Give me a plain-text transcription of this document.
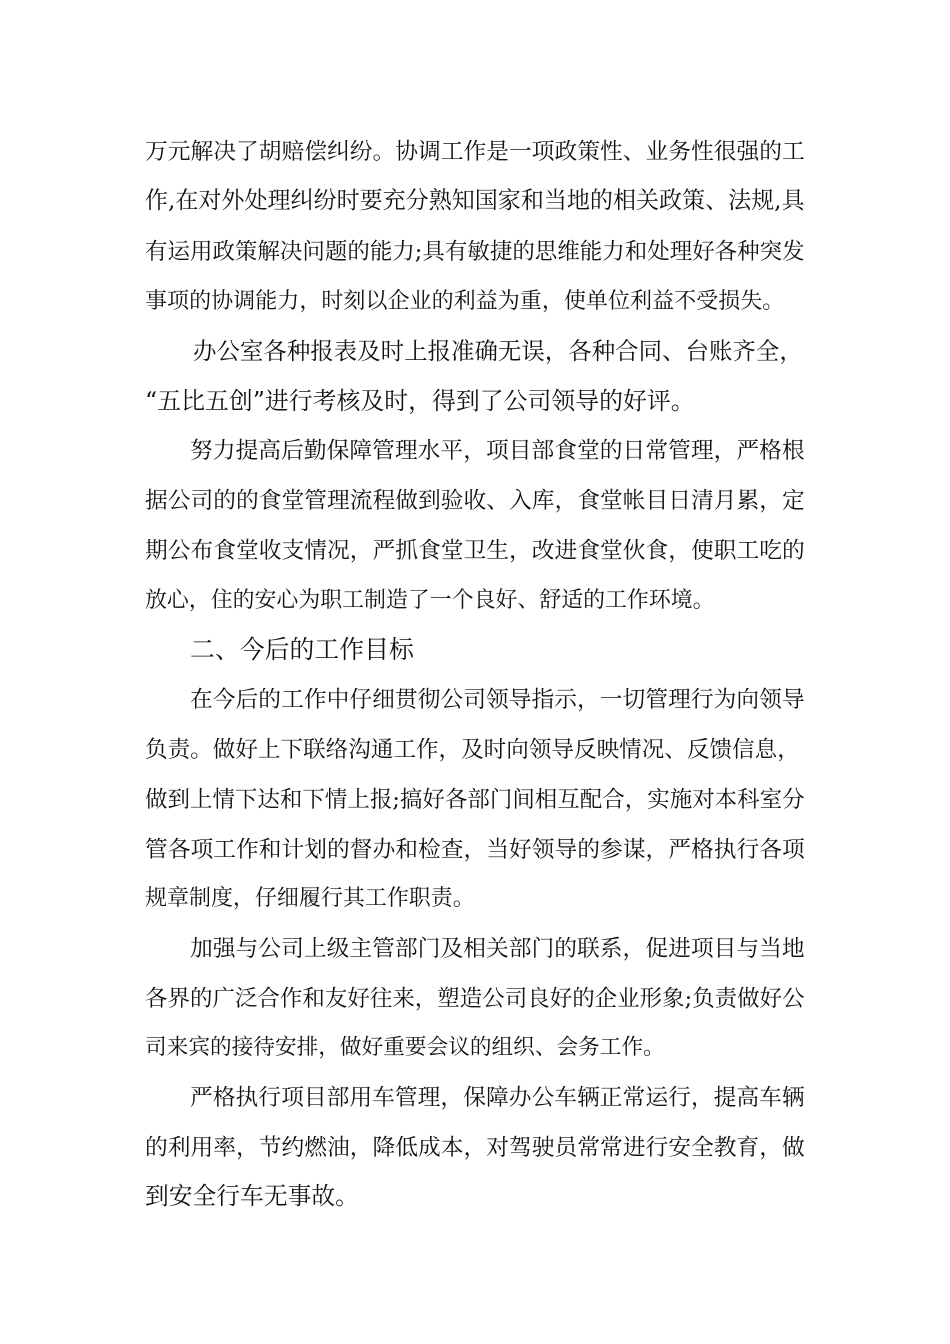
万元解决了胡赔偿纠纷。协调工作是一项政策性、业务性很强的工
作,在对外处理纠纷时要充分熟知国家和当地的相关政策、法规,具
有运用政策解决问题的能力;具有敏捷的思维能力和处理好各种突发
事项的协调能力，时刻以企业的利益为重，使单位利益不受损失。
办公室各种报表及时上报准确无误，各种合同、台账齐全，
“五比五创”进行考核及时，得到了公司领导的好评。
努力提高后勤保障管理水平，项目部食堂的日常管理，严格根
据公司的的食堂管理流程做到验收、入库，食堂帐目日清月累，定
期公布食堂收支情况，严抓食堂卫生，改进食堂伙食，使职工吃的
放心，住的安心为职工制造了一个良好、舒适的工作环境。
二、今后的工作目标
在今后的工作中仔细贯彻公司领导指示，一切管理行为向领导
负责。做好上下联络沟通工作，及时向领导反映情况、反馈信息，
做到上情下达和下情上报;搞好各部门间相互配合，实施对本科室分
管各项工作和计划的督办和检查，当好领导的参谋，严格执行各项
规章制度，仔细履行其工作职责。
加强与公司上级主管部门及相关部门的联系，促进项目与当地
各界的广泛合作和友好往来，塑造公司良好的企业形象;负责做好公
司来宾的接待安排，做好重要会议的组织、会务工作。
严格执行项目部用车管理，保障办公车辆正常运行，提高车辆
的利用率，节约燃油，降低成本，对驾驶员常常进行安全教育，做
到安全行车无事故。
